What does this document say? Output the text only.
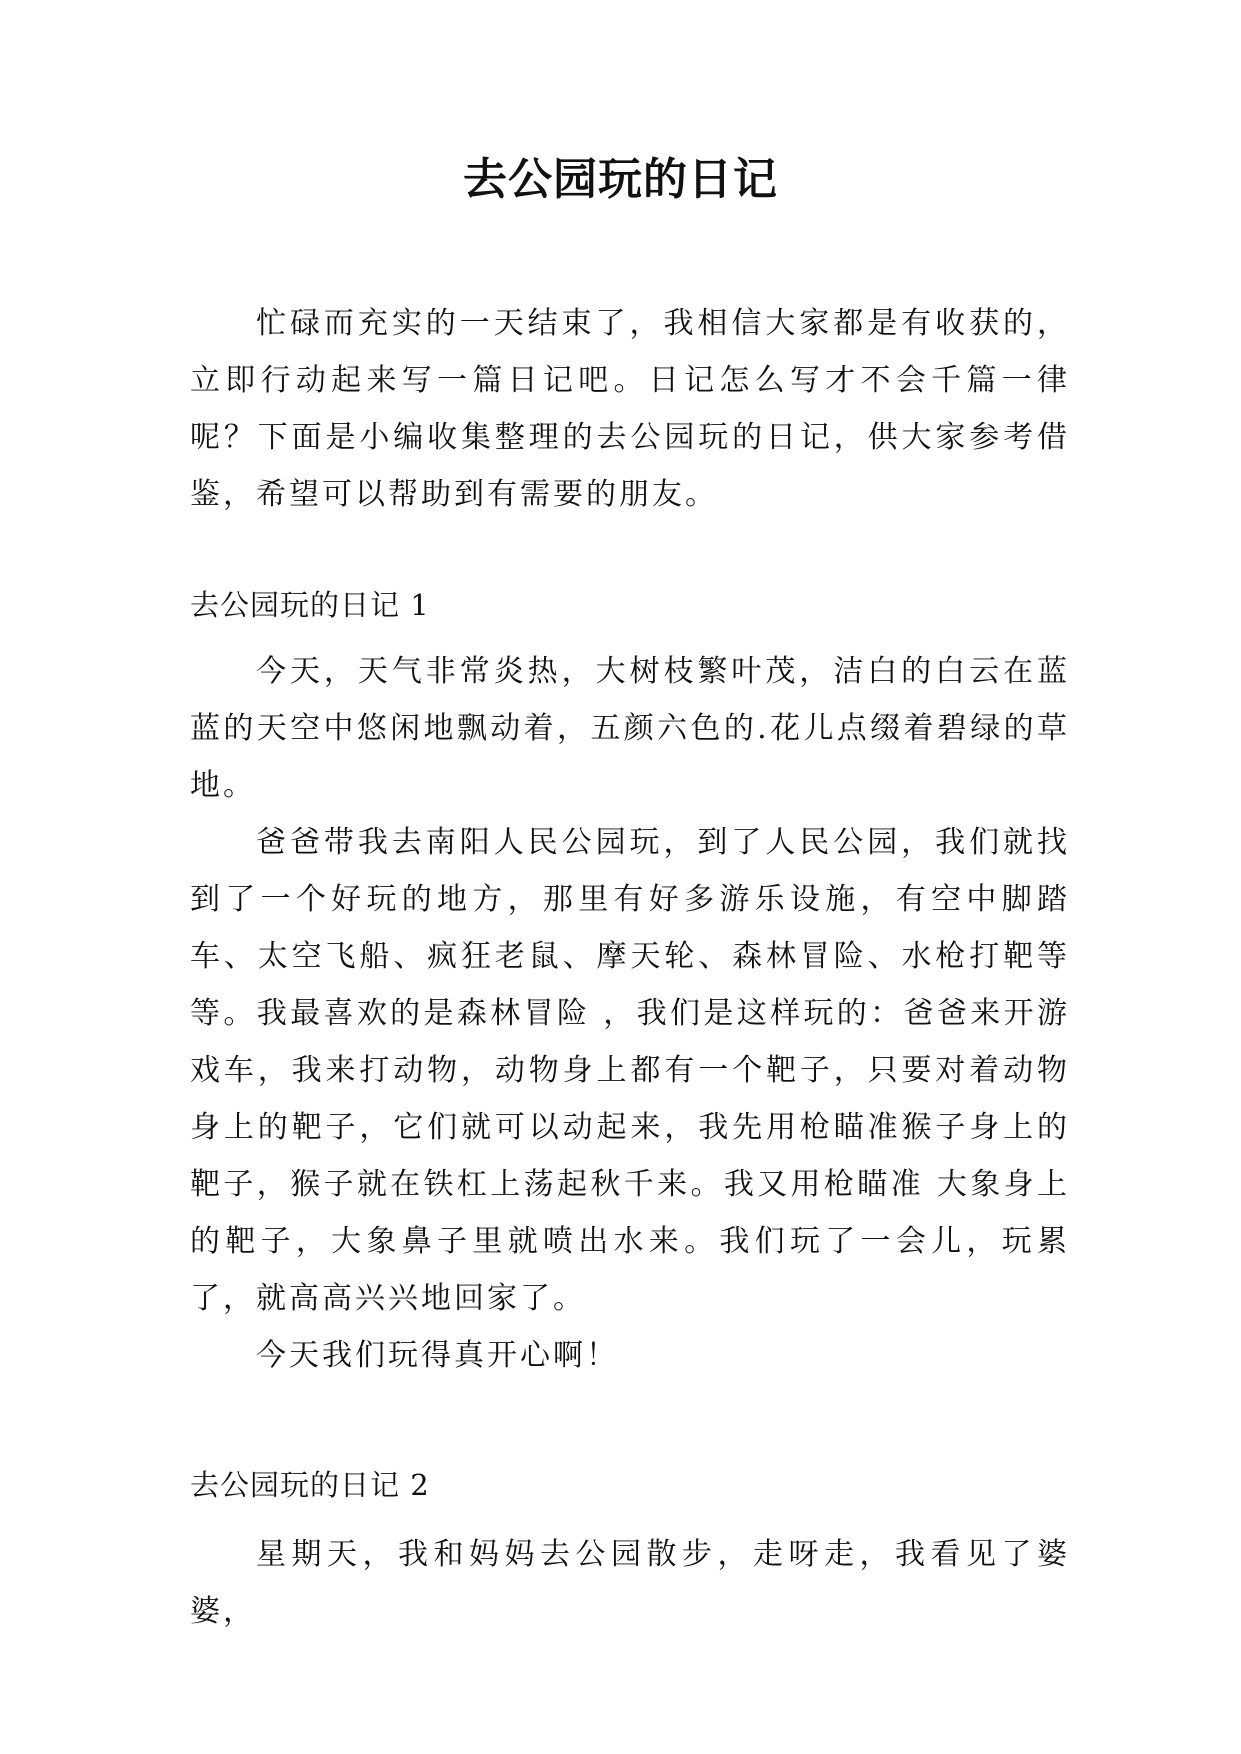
去公园玩的日记

忙碌而充实的一天结束了，我相信大家都是有收获的，立即行动起来写一篇日记吧。日记怎么写才不会千篇一律呢？下面是小编收集整理的去公园玩的日记，供大家参考借鉴，希望可以帮助到有需要的朋友。

去公园玩的日记 1

今天，天气非常炎热，大树枝繁叶茂，洁白的白云在蓝蓝的天空中悠闲地飘动着，五颜六色的.花儿点缀着碧绿的草地。

爸爸带我去南阳人民公园玩，到了人民公园，我们就找到了一个好玩的地方，那里有好多游乐设施，有空中脚踏车、太空飞船、疯狂老鼠、摩天轮、森林冒险、水枪打靶等等。我最喜欢的是森林冒险 ，我们是这样玩的：爸爸来开游戏车，我来打动物，动物身上都有一个靶子，只要对着动物身上的靶子，它们就可以动起来，我先用枪瞄准猴子身上的靶子，猴子就在铁杠上荡起秋千来。我又用枪瞄准 大象身上的靶子，大象鼻子里就喷出水来。我们玩了一会儿，玩累了，就高高兴兴地回家了。

今天我们玩得真开心啊！

去公园玩的日记 2

星期天，我和妈妈去公园散步，走呀走，我看见了婆婆，
